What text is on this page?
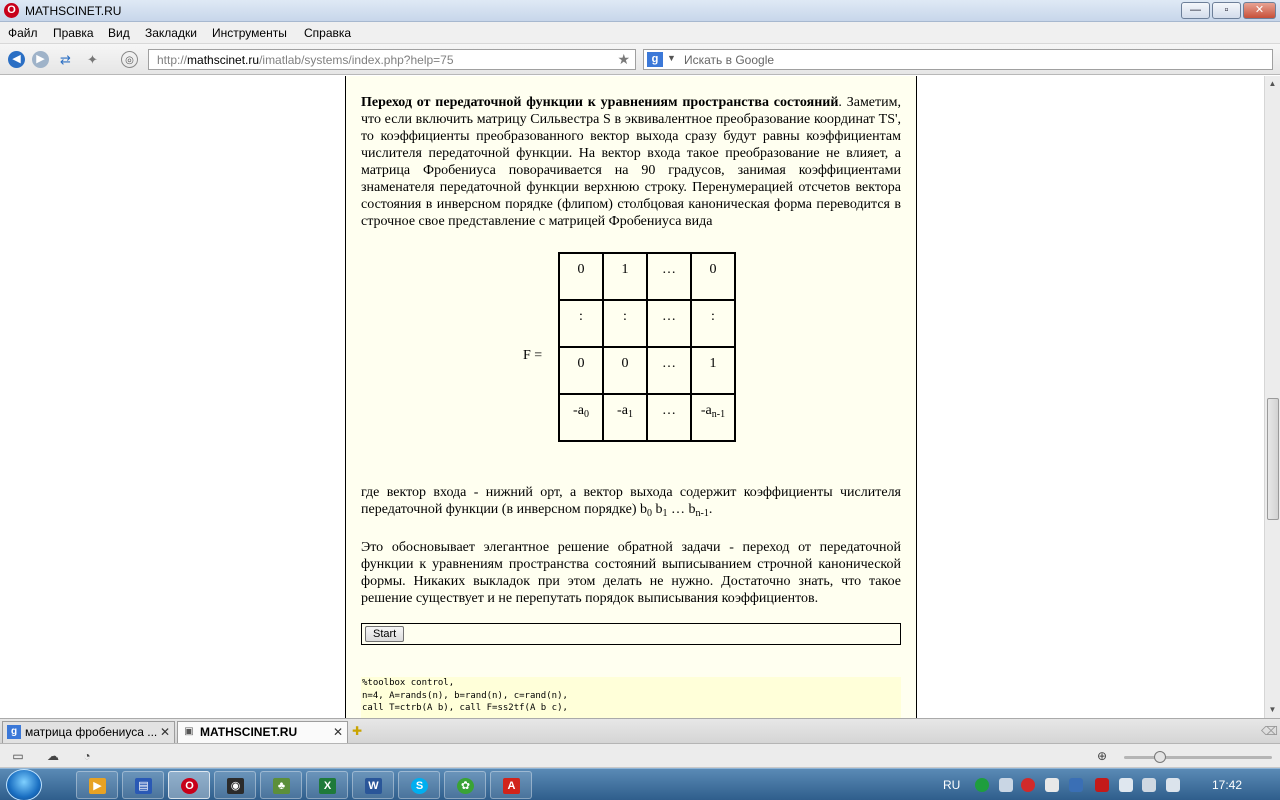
O MATHSCINET.RU	—	▫	✕
Файл Правка Вид Закладки Инструменты Справка
◀	▶	⇄ ✦	◎	http://mathscinet.ru/imatlab/systems/index.php?help=75	★	g ▼ Искать в Google
Переход от передаточной функции к уравнениям пространства состояний. Заметим, что если включить матрицу Сильвестра S в эквивалентное преобразование координат TS', то коэффициенты преобразованного вектор выхода сразу будут равны коэффициентам числителя передаточной функции. На вектор входа такое преобразование не влияет, а матрица Фробениуса поворачивается на 90 градусов, занимая коэффициентами знаменателя передаточной функции верхнюю строку. Перенумерацией отсчетов вектора состояния в инверсном порядке (флипом) столбцовая каноническая форма переводится в строчное свое представление с матрицей Фробениуса вида
F =
0	1	…	0
:	:	…	:
0	0	…	1
$-a_0$	$-a_1$	…	$-a_{n-1}$
где вектор входа - нижний орт, а вектор выхода содержит коэффициенты числителя передаточной функции (в инверсном порядке) $b_0$ $b_1$ … $b_{n-1}$.
Это обосновывает элегантное решение обратной задачи - переход от передаточной функции к уравнениям пространства состояний выписыванием строчной канонической формы. Никаких выкладок при этом делать не нужно. Достаточно знать, что такое решение существует и не перепутать порядок выписывания коэффициентов.
Start
%toolbox control,
n=4, A=rands(n), b=rand(n), c=rand(n),
call T=ctrb(A b), call F=ss2tf(A b c),
▲
▼
g матрица фробениуса ... ✕ ▣ MATHSCINET.RU	✕ ✚	⌫
▭ ☁	◔	⊕
▶	▤	O	◉	♣	X	W	S	✿	A	RU	17:42
